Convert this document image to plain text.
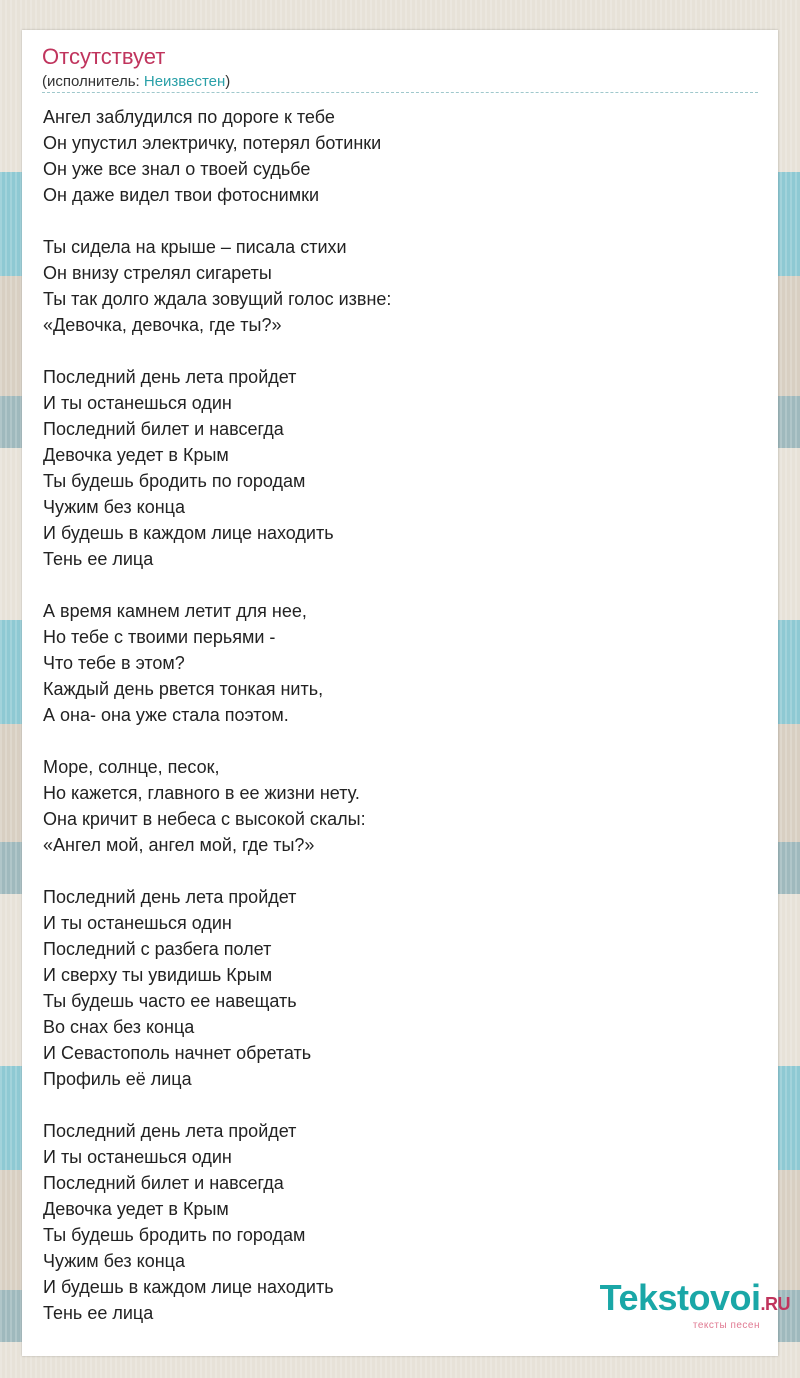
Отсутствует
(исполнитель: Неизвестен)
Ангел заблудился по дороге к тебе
Он упустил электричку, потерял ботинки
Он уже все знал о твоей судьбе
Он даже видел твои фотоснимки

Ты сидела на крыше – писала стихи
Он внизу стрелял сигареты
Ты так долго ждала зовущий голос извне:
«Девочка, девочка, где ты?»

Последний день лета пройдет
И ты останешься один
Последний билет и навсегда
Девочка уедет в Крым
Ты будешь бродить по городам
Чужим без конца
И будешь в каждом лице находить
Тень ее лица

А время камнем летит для нее,
Но тебе с твоими перьями -
Что тебе в этом?
Каждый день рвется тонкая нить,
А она- она уже стала поэтом.

Море, солнце, песок,
Но кажется, главного в ее жизни нету.
Она кричит в небеса с высокой скалы:
«Ангел мой, ангел мой, где ты?»

Последний день лета пройдет
И ты останешься один
Последний с разбега полет
И сверху ты увидишь Крым
Ты будешь часто ее навещать
Во снах без конца
И Севастополь начнет обретать
Профиль её лица

Последний день лета пройдет
И ты останешься один
Последний билет и навсегда
Девочка уедет в Крым
Ты будешь бродить по городам
Чужим без конца
И будешь в каждом лице находить
Тень ее лица	Tekstovoi.RU
тексты песен
